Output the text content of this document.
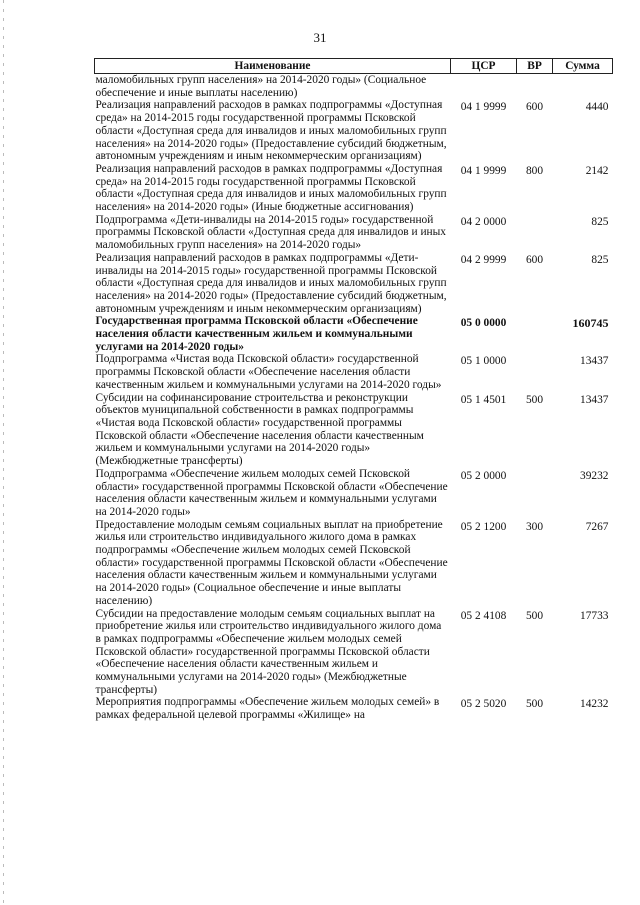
31
Наименование	ЦСР	ВР	Сумма
маломобильных групп населения» на 2014-2020 годы» (Социальное обеспечение и иные выплаты населению)			
Реализация направлений расходов в рамках подпрограммы «Доступная среда» на 2014-2015 годы государственной программы Псковской области «Доступная среда для инвалидов и иных маломобильных групп населения» на 2014-2020 годы» (Предоставление субсидий бюджетным, автономным учреждениям и иным некоммерческим организациям)	04 1 9999	600	4440
Реализация направлений расходов в рамках подпрограммы «Доступная среда» на 2014-2015 годы государственной программы Псковской области «Доступная среда для инвалидов и иных маломобильных групп населения» на 2014-2020 годы» (Иные бюджетные ассигнования)	04 1 9999	800	2142
Подпрограмма «Дети-инвалиды на 2014-2015 годы» государственной программы Псковской области «Доступная среда для инвалидов и иных маломобильных групп населения» на 2014-2020 годы»	04 2 0000		825
Реализация направлений расходов в рамках подпрограммы «Дети-инвалиды на 2014-2015 годы» государственной программы Псковской области «Доступная среда для инвалидов и иных маломобильных групп населения» на 2014-2020 годы» (Предоставление субсидий бюджетным, автономным учреждениям и иным некоммерческим организациям)	04 2 9999	600	825
Государственная программа Псковской области «Обеспечение населения области качественным жильем и коммунальными услугами на 2014-2020 годы»	05 0 0000		160745
Подпрограмма «Чистая вода Псковской области» государственной программы Псковской области «Обеспечение населения области качественным жильем и коммунальными услугами на 2014-2020 годы»	05 1 0000		13437
Субсидии на софинансирование строительства и реконструкции объектов муниципальной собственности в рамках подпрограммы «Чистая вода Псковской области» государственной программы Псковской области «Обеспечение населения области качественным жильем и коммунальными услугами на 2014-2020 годы» (Межбюджетные трансферты)	05 1 4501	500	13437
Подпрограмма «Обеспечение жильем молодых семей Псковской области» государственной программы Псковской области «Обеспечение населения области качественным жильем и коммунальными услугами на 2014-2020 годы»	05 2 0000		39232
Предоставление молодым семьям социальных выплат на приобретение жилья или строительство индивидуального жилого дома в рамках подпрограммы «Обеспечение жильем молодых семей Псковской области» государственной программы Псковской области «Обеспечение населения области качественным жильем и коммунальными услугами на 2014-2020 годы» (Социальное обеспечение и иные выплаты населению)	05 2 1200	300	7267
Субсидии на предоставление молодым семьям социальных выплат на приобретение жилья или строительство индивидуального жилого дома в рамках подпрограммы «Обеспечение жильем молодых семей Псковской области» государственной программы Псковской области «Обеспечение населения области качественным жильем и коммунальными услугами на 2014-2020 годы» (Межбюджетные трансферты)	05 2 4108	500	17733
Мероприятия подпрограммы «Обеспечение жильем молодых семей» в рамках федеральной целевой программы «Жилище» на	05 2 5020	500	14232
